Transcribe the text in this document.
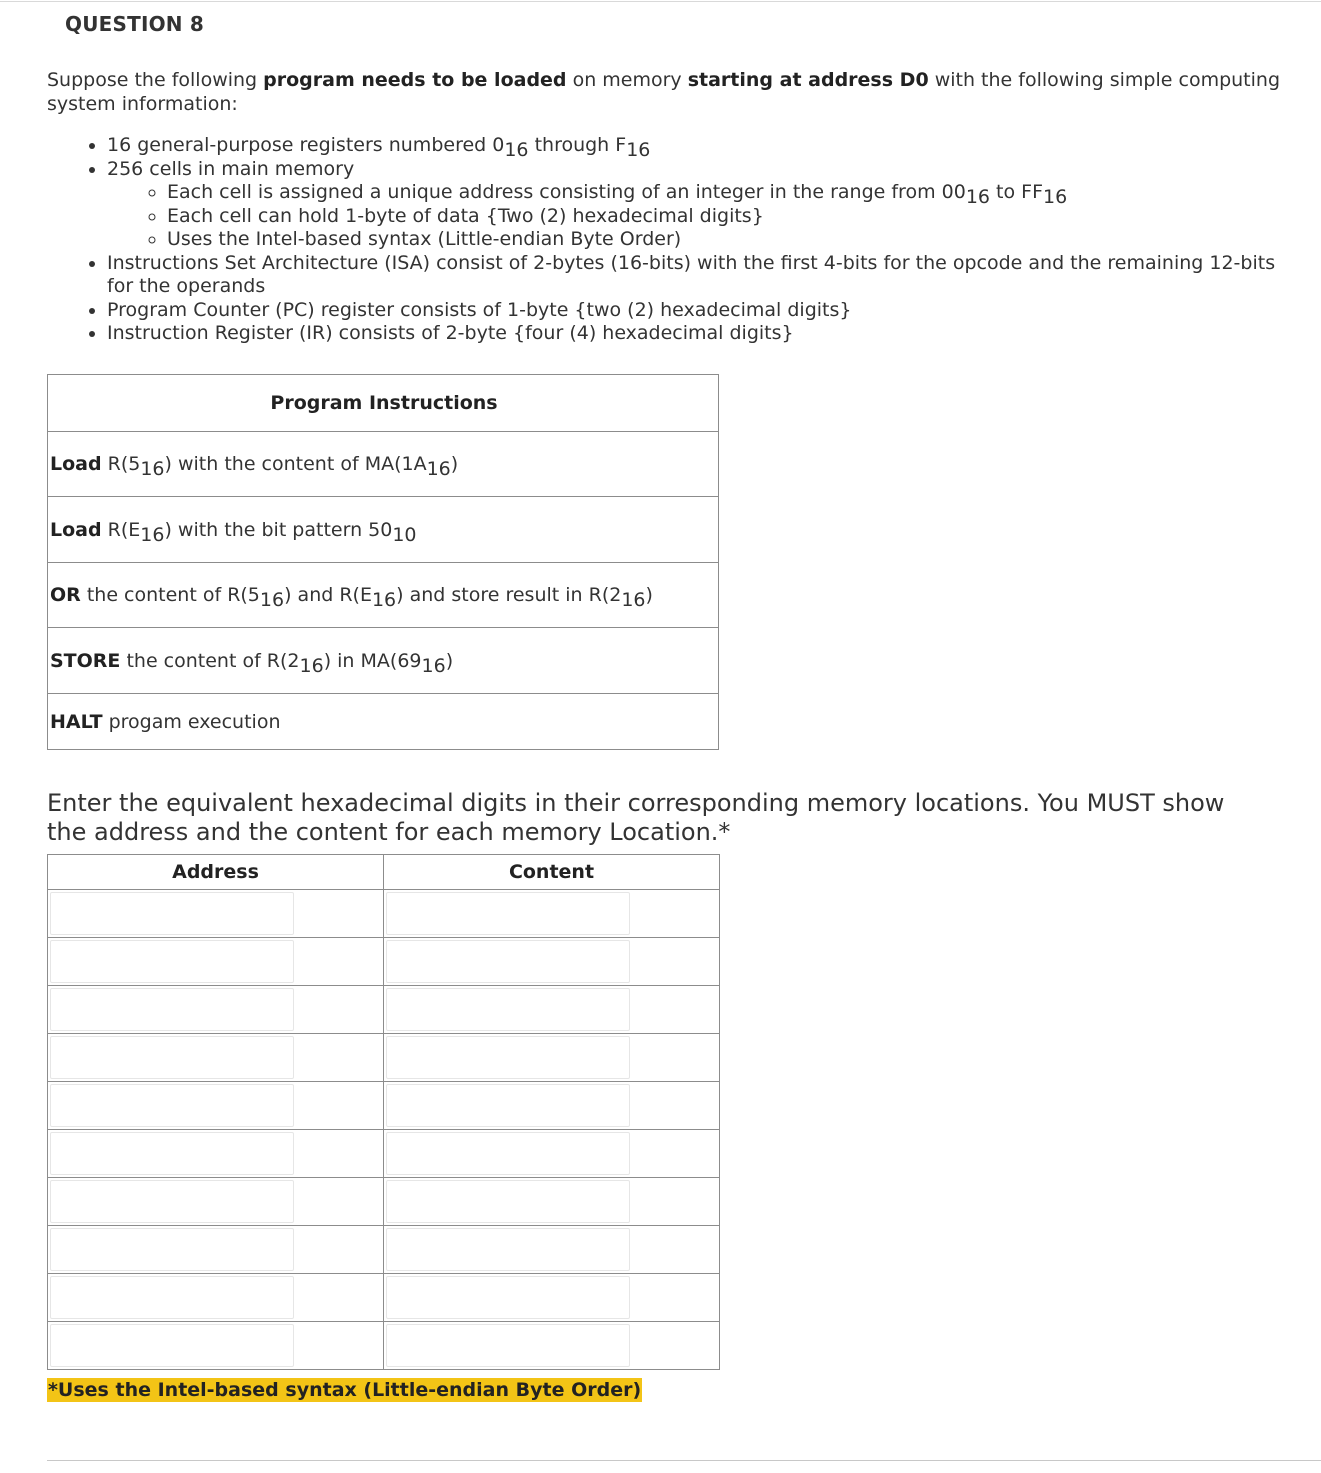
QUESTION 8
Suppose the following program needs to be loaded on memory starting at address D0 with the following simple computing system information:
• 16 general-purpose registers numbered $0_{16}$ through $F_{16}$
• 256 cells in main memory
◦ Each cell is assigned a unique address consisting of an integer in the range from $00_{16}$ to $FF_{16}$
◦ Each cell can hold 1-byte of data {Two (2) hexadecimal digits}
◦ Uses the Intel-based syntax (Little-endian Byte Order)
• Instructions Set Architecture (ISA) consist of 2-bytes (16-bits) with the first 4-bits for the opcode and the remaining 12-bits for the operands
• Program Counter (PC) register consists of 1-byte {two (2) hexadecimal digits}
• Instruction Register (IR) consists of 2-byte {four (4) hexadecimal digits}
Program Instructions
Load $R(5_{16})$ with the content of $MA(1A_{16})$
Load $R(E_{16})$ with the bit pattern $50_{10}$
OR the content of $R(5_{16})$ and $R(E_{16})$ and store result in $R(2_{16})$
STORE the content of $R(2_{16})$ in $MA(69_{16})$
HALT progam execution
Enter the equivalent hexadecimal digits in their corresponding memory locations. You MUST show the address and the content for each memory Location.*
Address	Content

*Uses the Intel-based syntax (Little-endian Byte Order)
